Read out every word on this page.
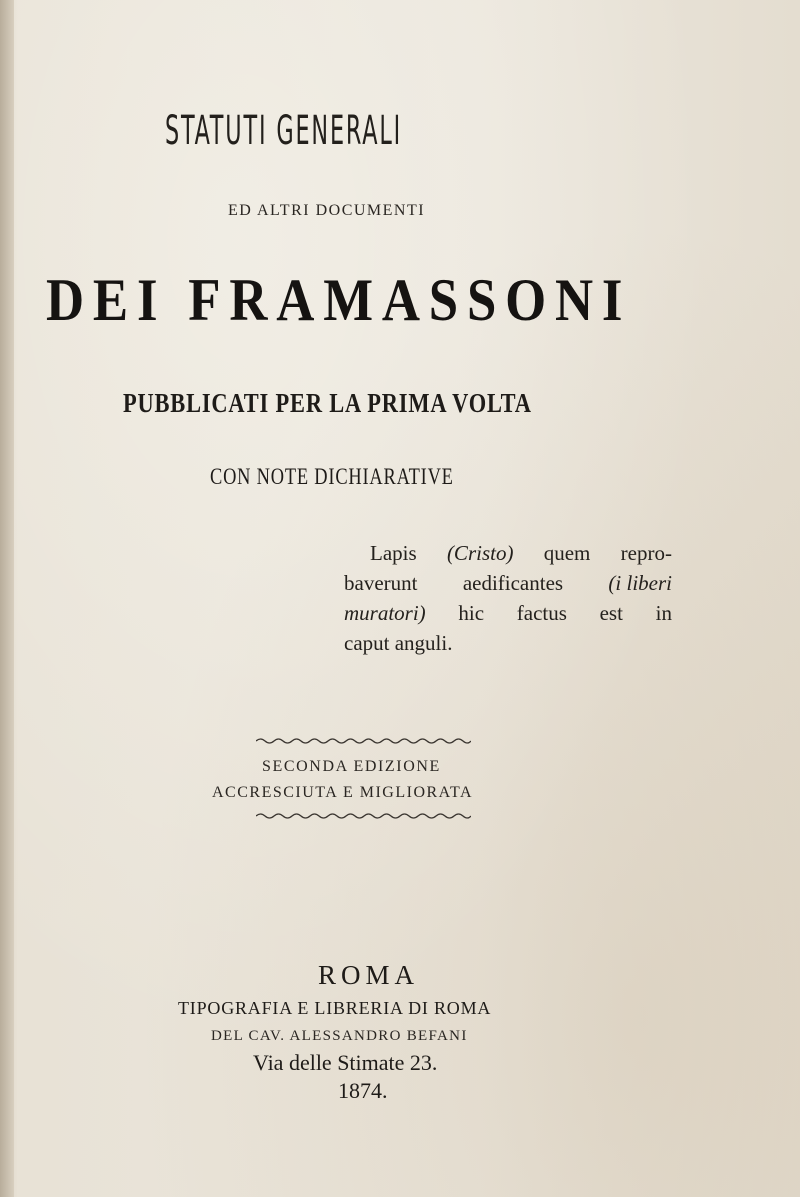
STATUTI GENERALI
ED ALTRI DOCUMENTI
DEI FRAMASSONI
PUBBLICATI PER LA PRIMA VOLTA
CON NOTE DICHIARATIVE
Lapis (Cristo) quem repro-
baverunt aedificantes (i liberi
muratori) hic factus est in
caput anguli.
SECONDA EDIZIONE
ACCRESCIUTA E MIGLIORATA
ROMA
TIPOGRAFIA E LIBRERIA DI ROMA
DEL CAV. ALESSANDRO BEFANI
Via delle Stimate 23.
1874.
